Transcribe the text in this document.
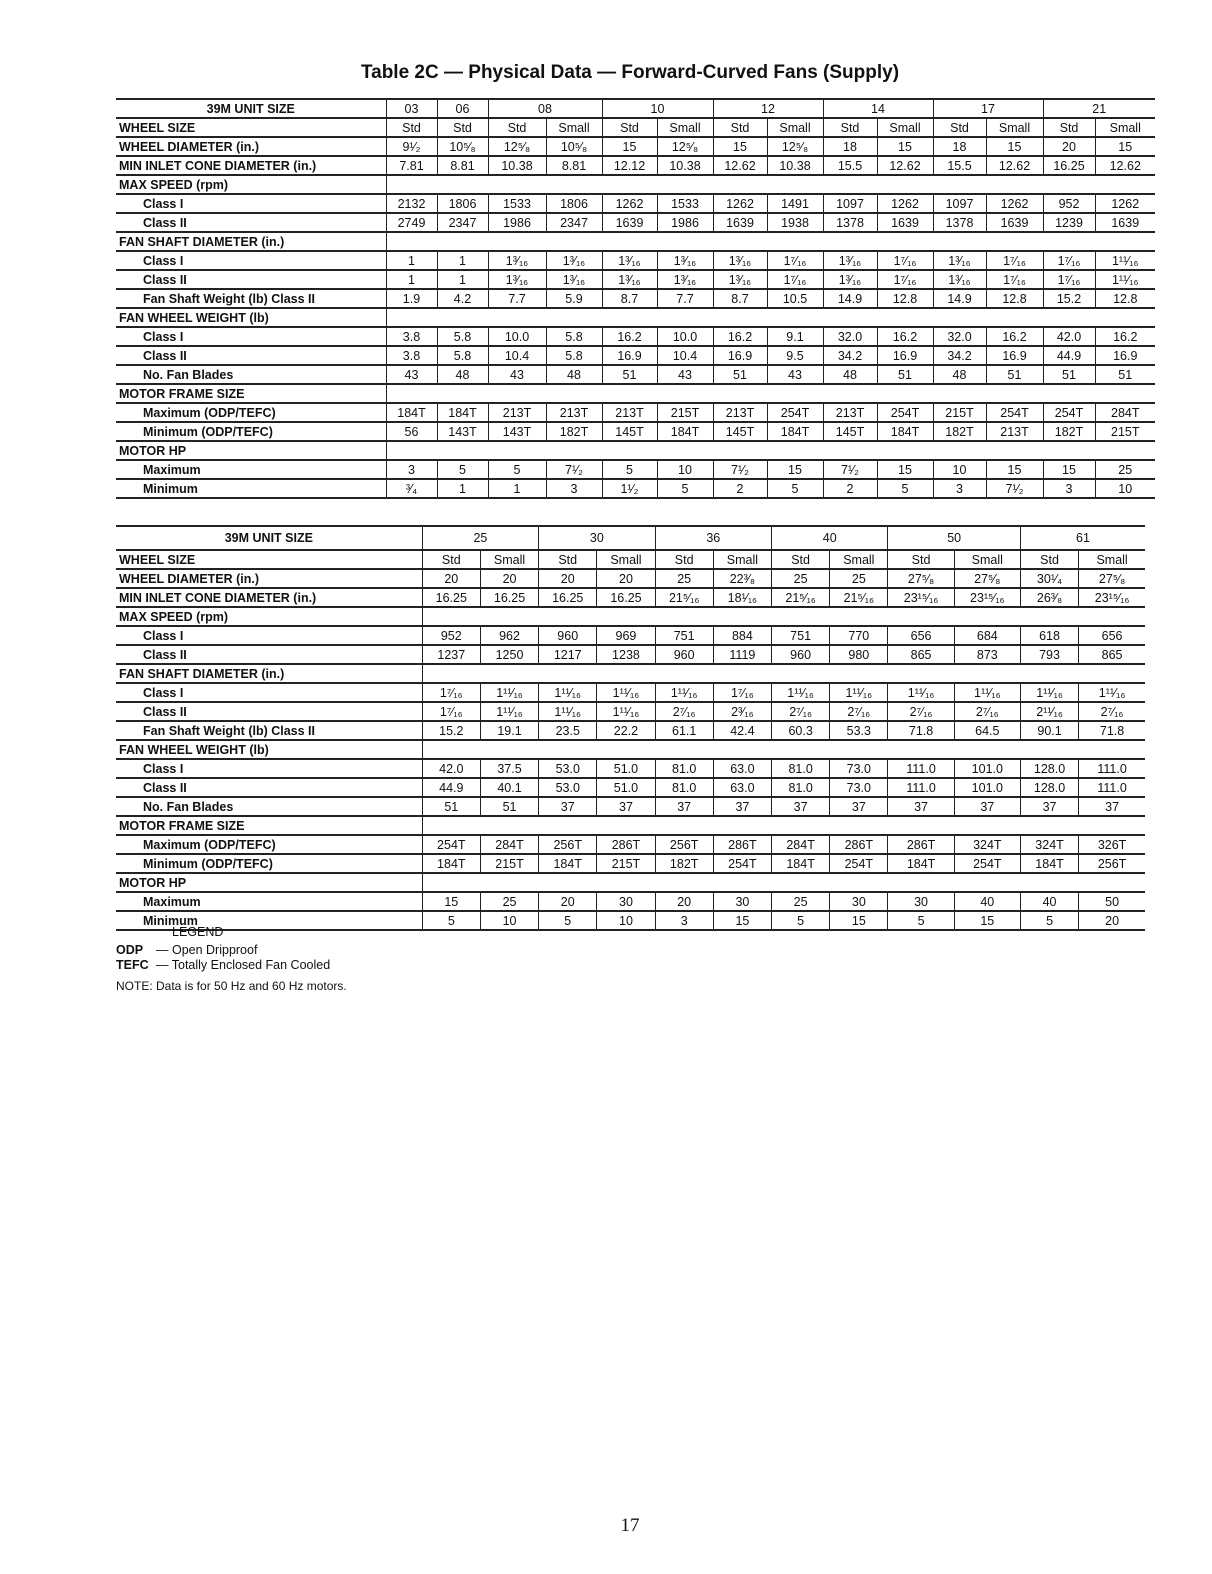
Table 2C — Physical Data — Forward-Curved Fans (Supply)
39M UNIT SIZE	03	06	08		10		12		14		17		21	
WHEEL SIZE	Std	Std	Std	Small	Std	Small	Std	Small	Std	Small	Std	Small	Std	Small
WHEEL DIAMETER (in.)	9¹⁄₂	10⁵⁄₈	12⁵⁄₈	10⁵⁄₈	15	12⁵⁄₈	15	12⁵⁄₈	18	15	18	15	20	15
MIN INLET CONE DIAMETER (in.)	7.81	8.81	10.38	8.81	12.12	10.38	12.62	10.38	15.5	12.62	15.5	12.62	16.25	12.62
MAX SPEED (rpm)														
Class I	2132	1806	1533	1806	1262	1533	1262	1491	1097	1262	1097	1262	952	1262
Class II	2749	2347	1986	2347	1639	1986	1639	1938	1378	1639	1378	1639	1239	1639
FAN SHAFT DIAMETER (in.)														
Class I	1	1	1³⁄₁₆	1³⁄₁₆	1³⁄₁₆	1³⁄₁₆	1³⁄₁₆	1⁷⁄₁₆	1³⁄₁₆	1⁷⁄₁₆	1³⁄₁₆	1⁷⁄₁₆	1⁷⁄₁₆	1¹¹⁄₁₆
Class II	1	1	1³⁄₁₆	1³⁄₁₆	1³⁄₁₆	1³⁄₁₆	1³⁄₁₆	1⁷⁄₁₆	1³⁄₁₆	1⁷⁄₁₆	1³⁄₁₆	1⁷⁄₁₆	1⁷⁄₁₆	1¹¹⁄₁₆
Fan Shaft Weight (lb) Class II	1.9	4.2	7.7	5.9	8.7	7.7	8.7	10.5	14.9	12.8	14.9	12.8	15.2	12.8
FAN WHEEL WEIGHT (lb)														
Class I	3.8	5.8	10.0	5.8	16.2	10.0	16.2	9.1	32.0	16.2	32.0	16.2	42.0	16.2
Class II	3.8	5.8	10.4	5.8	16.9	10.4	16.9	9.5	34.2	16.9	34.2	16.9	44.9	16.9
No. Fan Blades	43	48	43	48	51	43	51	43	48	51	48	51	51	51
MOTOR FRAME SIZE														
Maximum (ODP/TEFC)	184T	184T	213T	213T	213T	215T	213T	254T	213T	254T	215T	254T	254T	284T
Minimum (ODP/TEFC)	56	143T	143T	182T	145T	184T	145T	184T	145T	184T	182T	213T	182T	215T
MOTOR HP														
Maximum	3	5	5	7¹⁄₂	5	10	7¹⁄₂	15	7¹⁄₂	15	10	15	15	25
Minimum	³⁄₄	1	1	3	1¹⁄₂	5	2	5	2	5	3	7¹⁄₂	3	10
39M UNIT SIZE	25		30		36		40		50		61	
WHEEL SIZE	Std	Small	Std	Small	Std	Small	Std	Small	Std	Small	Std	Small
WHEEL DIAMETER (in.)	20	20	20	20	25	22³⁄₈	25	25	27⁵⁄₈	27⁵⁄₈	30¹⁄₄	27⁵⁄₈
MIN INLET CONE DIAMETER (in.)	16.25	16.25	16.25	16.25	21⁵⁄₁₆	18¹⁄₁₆	21⁵⁄₁₆	21⁵⁄₁₆	23¹⁵⁄₁₆	23¹⁵⁄₁₆	26³⁄₈	23¹⁵⁄₁₆
MAX SPEED (rpm)												
Class I	952	962	960	969	751	884	751	770	656	684	618	656
Class II	1237	1250	1217	1238	960	1119	960	980	865	873	793	865
FAN SHAFT DIAMETER (in.)												
Class I	1⁷⁄₁₆	1¹¹⁄₁₆	1¹¹⁄₁₆	1¹¹⁄₁₆	1¹¹⁄₁₆	1⁷⁄₁₆	1¹¹⁄₁₆	1¹¹⁄₁₆	1¹¹⁄₁₆	1¹¹⁄₁₆	1¹¹⁄₁₆	1¹¹⁄₁₆
Class II	1⁷⁄₁₆	1¹¹⁄₁₆	1¹¹⁄₁₆	1¹¹⁄₁₆	2⁷⁄₁₆	2³⁄₁₆	2⁷⁄₁₆	2⁷⁄₁₆	2⁷⁄₁₆	2⁷⁄₁₆	2¹¹⁄₁₆	2⁷⁄₁₆
Fan Shaft Weight (lb) Class II	15.2	19.1	23.5	22.2	61.1	42.4	60.3	53.3	71.8	64.5	90.1	71.8
FAN WHEEL WEIGHT (lb)												
Class I	42.0	37.5	53.0	51.0	81.0	63.0	81.0	73.0	111.0	101.0	128.0	111.0
Class II	44.9	40.1	53.0	51.0	81.0	63.0	81.0	73.0	111.0	101.0	128.0	111.0
No. Fan Blades	51	51	37	37	37	37	37	37	37	37	37	37
MOTOR FRAME SIZE												
Maximum (ODP/TEFC)	254T	284T	256T	286T	256T	286T	284T	286T	286T	324T	324T	326T
Minimum (ODP/TEFC)	184T	215T	184T	215T	182T	254T	184T	254T	184T	254T	184T	256T
MOTOR HP												
Maximum	15	25	20	30	20	30	25	30	30	40	40	50
Minimum	5	10	5	10	3	15	5	15	5	15	5	20
LEGEND
ODP — Open Dripproof
TEFC — Totally Enclosed Fan Cooled
NOTE: Data is for 50 Hz and 60 Hz motors.
17
